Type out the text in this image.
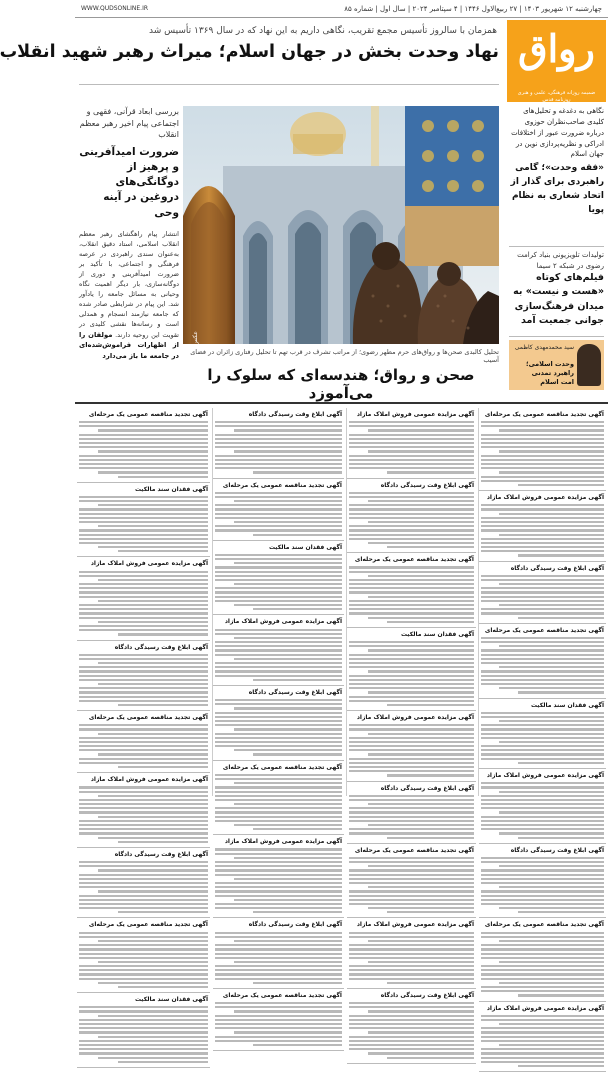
چهارشنبه ۱۲ شهریور ۱۴۰۳ | ۲۷ ربیع‌الاول ۱۴۴۶ | ۴ سپتامبر ۲۰۲۴ | سال اول | شماره ۸۵
WWW.QUDSONLINE.IR
همزمان با سالروز تأسیس مجمع تقریب، نگاهی داریم به این نهاد که در سال ۱۳۶۹ تأسیس شد
نهاد وحدت بخش در جهان اسلام؛ میراث رهبر شهید انقلاب
بررسی ابعاد قرآنی، فقهی و اجتماعی پیام اخیر رهبر معظم انقلاب
ضرورت امیدآفرینی و پرهیز از دوگانگی‌های دروغین در آینه وحی
انتشار پیام راهگشای رهبر معظم انقلاب اسلامی، استاد دقیق انقلاب، به‌عنوان سندی راهبردی در عرصه فرهنگی و اجتماعی، با تأکید بر ضرورت امیدآفرینی و دوری از دوگانه‌سازی، بار دیگر اهمیت نگاه وحیانی به مسائل جامعه را یادآور شد. این پیام در شرایطی صادر شده که جامعه نیازمند انسجام و همدلی است و رسانه‌ها نقشی کلیدی در تقویت این روحیه دارند. مولفان را از اظهارات فراموش‌شده‌ای در جامعه ما باز می‌دارد عکس: مصطفی علیزاده
تحلیل کالبدی صحن‌ها و رواق‌های حرم مطهر رضوی؛ از مراتب تشرف در قرب تهم تا تحلیل رفتاری زائران در فضای آسیب
صحن و رواق؛ هندسه‌ای که سلوک را می‌آموزد
رواق
ضمیمه روزانه فرهنگی، علمی و هنری روزنامه قدس
نگاهی به دغدغه و تحلیل‌های کلیدی صاحب‌نظران حوزوی درباره ضرورت عبور از اختلافات ادراکی و نظریه‌پردازی نوین در جهان اسلام
«فقه وحدت»؛ گامی راهبردی برای گذار از اتحاد شعاری به نظام پویا
تولیدات تلویزیونی بنیاد کرامت رضوی در شبکه ۲ سیما
فیلم‌های کوتاه «هست و نیست» به میدان فرهنگ‌سازی جوانی جمعیت آمد
سید محمدمهدی کاظمی
وحدت اسلامی؛ راهبرد تمدنی امت اسلام
آگهی تجدید مناقصه عمومی یک مرحله‌ای
آگهی مزایده عمومی فروش املاک مازاد
آگهی ابلاغ وقت رسیدگی دادگاه
آگهی تجدید مناقصه عمومی یک مرحله‌ای
آگهی فقدان سند مالکیت
آگهی مزایده عمومی فروش املاک مازاد
آگهی ابلاغ وقت رسیدگی دادگاه
آگهی تجدید مناقصه عمومی یک مرحله‌ای
آگهی مزایده عمومی فروش املاک مازاد
آگهی مزایده عمومی فروش املاک مازاد
آگهی ابلاغ وقت رسیدگی دادگاه
آگهی تجدید مناقصه عمومی یک مرحله‌ای
آگهی فقدان سند مالکیت
آگهی مزایده عمومی فروش املاک مازاد
آگهی ابلاغ وقت رسیدگی دادگاه
آگهی تجدید مناقصه عمومی یک مرحله‌ای
آگهی مزایده عمومی فروش املاک مازاد
آگهی ابلاغ وقت رسیدگی دادگاه
آگهی ابلاغ وقت رسیدگی دادگاه
آگهی تجدید مناقصه عمومی یک مرحله‌ای
آگهی فقدان سند مالکیت
آگهی مزایده عمومی فروش املاک مازاد
آگهی ابلاغ وقت رسیدگی دادگاه
آگهی تجدید مناقصه عمومی یک مرحله‌ای
آگهی مزایده عمومی فروش املاک مازاد
آگهی ابلاغ وقت رسیدگی دادگاه
آگهی تجدید مناقصه عمومی یک مرحله‌ای
آگهی تجدید مناقصه عمومی یک مرحله‌ای
آگهی فقدان سند مالکیت
آگهی مزایده عمومی فروش املاک مازاد
آگهی ابلاغ وقت رسیدگی دادگاه
آگهی تجدید مناقصه عمومی یک مرحله‌ای
آگهی مزایده عمومی فروش املاک مازاد
آگهی ابلاغ وقت رسیدگی دادگاه
آگهی تجدید مناقصه عمومی یک مرحله‌ای
آگهی فقدان سند مالکیت
